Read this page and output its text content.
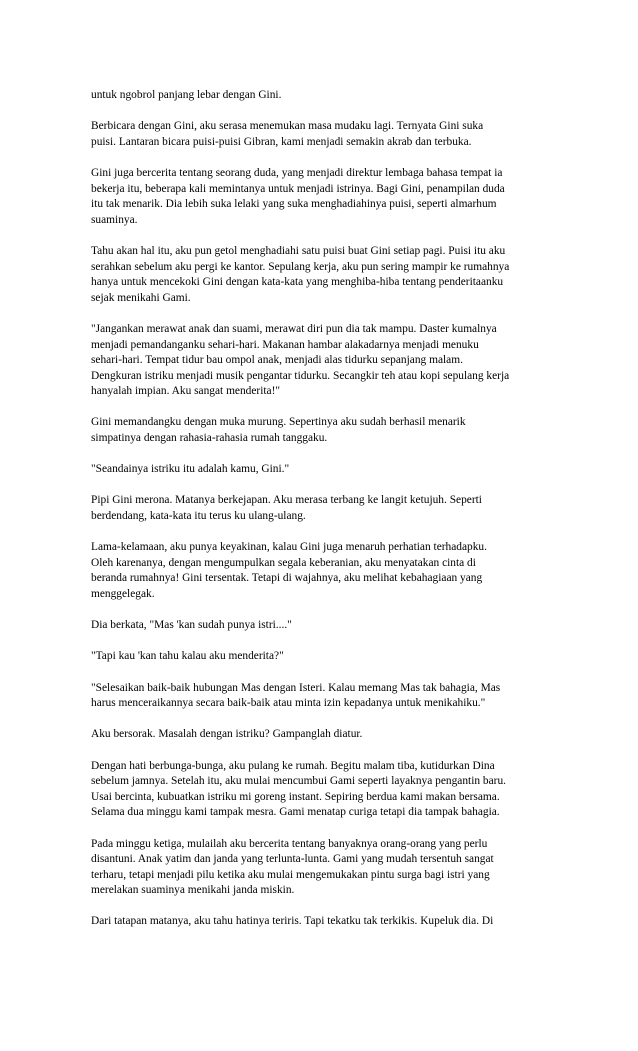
untuk ngobrol panjang lebar dengan Gini.

Berbicara dengan Gini, aku serasa menemukan masa mudaku lagi. Ternyata Gini suka
puisi. Lantaran bicara puisi-puisi Gibran, kami menjadi semakin akrab dan terbuka.

Gini juga bercerita tentang seorang duda, yang menjadi direktur lembaga bahasa tempat ia
bekerja itu, beberapa kali memintanya untuk menjadi istrinya. Bagi Gini, penampilan duda
itu tak menarik. Dia lebih suka lelaki yang suka menghadiahinya puisi, seperti almarhum
suaminya.

Tahu akan hal itu, aku pun getol menghadiahi satu puisi buat Gini setiap pagi. Puisi itu aku
serahkan sebelum aku pergi ke kantor. Sepulang kerja, aku pun sering mampir ke rumahnya
hanya untuk mencekoki Gini dengan kata-kata yang menghiba-hiba tentang penderitaanku
sejak menikahi Gami.

"Jangankan merawat anak dan suami, merawat diri pun dia tak mampu. Daster kumalnya
menjadi pemandanganku sehari-hari. Makanan hambar alakadarnya menjadi menuku
sehari-hari. Tempat tidur bau ompol anak, menjadi alas tidurku sepanjang malam.
Dengkuran istriku menjadi musik pengantar tidurku. Secangkir teh atau kopi sepulang kerja
hanyalah impian. Aku sangat menderita!"

Gini memandangku dengan muka murung. Sepertinya aku sudah berhasil menarik
simpatinya dengan rahasia-rahasia rumah tanggaku.

"Seandainya istriku itu adalah kamu, Gini."

Pipi Gini merona. Matanya berkejapan. Aku merasa terbang ke langit ketujuh. Seperti
berdendang, kata-kata itu terus ku ulang-ulang.

Lama-kelamaan, aku punya keyakinan, kalau Gini juga menaruh perhatian terhadapku.
Oleh karenanya, dengan mengumpulkan segala keberanian, aku menyatakan cinta di
beranda rumahnya! Gini tersentak. Tetapi di wajahnya, aku melihat kebahagiaan yang
menggelegak.

Dia berkata, "Mas 'kan sudah punya istri...."

"Tapi kau 'kan tahu kalau aku menderita?"

"Selesaikan baik-baik hubungan Mas dengan Isteri. Kalau memang Mas tak bahagia, Mas
harus menceraikannya secara baik-baik atau minta izin kepadanya untuk menikahiku."

Aku bersorak. Masalah dengan istriku? Gampanglah diatur.

Dengan hati berbunga-bunga, aku pulang ke rumah. Begitu malam tiba, kutidurkan Dina
sebelum jamnya. Setelah itu, aku mulai mencumbui Gami seperti layaknya pengantin baru.
Usai bercinta, kubuatkan istriku mi goreng instant. Sepiring berdua kami makan bersama.
Selama dua minggu kami tampak mesra. Gami menatap curiga tetapi dia tampak bahagia.

Pada minggu ketiga, mulailah aku bercerita tentang banyaknya orang-orang yang perlu
disantuni. Anak yatim dan janda yang terlunta-lunta. Gami yang mudah tersentuh sangat
terharu, tetapi menjadi pilu ketika aku mulai mengemukakan pintu surga bagi istri yang
merelakan suaminya menikahi janda miskin.

Dari tatapan matanya, aku tahu hatinya teriris. Tapi tekatku tak terkikis. Kupeluk dia. Di
